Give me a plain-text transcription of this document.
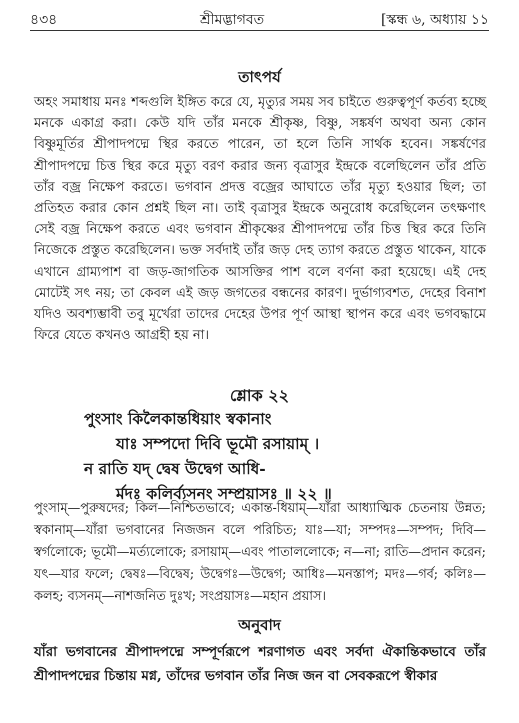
৪৩৪	শ্রীমদ্ভাগবত	[স্কন্ধ ৬, অধ্যায় ১১
তাৎপর্য
অহং সমাধায় মনঃ শব্দগুলি ইঙ্গিত করে যে, মৃত্যুর সময় সব চাইতে গুরুত্বপূর্ণ কর্তব্য হচ্ছে মনকে একাগ্র করা। কেউ যদি তাঁর মনকে শ্রীকৃষ্ণ, বিষ্ণু, সঙ্কর্ষণ অথবা অন্য কোন বিষ্ণুমূর্তির শ্রীপাদপদ্মে স্থির করতে পারেন, তা হলে তিনি সার্থক হবেন। সঙ্কর্ষণের শ্রীপাদপদ্মে চিত্ত স্থির করে মৃত্যু বরণ করার জন্য বৃত্রাসুর ইন্দ্রকে বলেছিলেন তাঁর প্রতি তাঁর বজ্র নিক্ষেপ করতে। ভগবান প্রদত্ত বজ্রের আঘাতে তাঁর মৃত্যু হওয়ার ছিল; তা প্রতিহত করার কোন প্রশ্নই ছিল না। তাই বৃত্রাসুর ইন্দ্রকে অনুরোধ করেছিলেন তৎক্ষণাৎ সেই বজ্র নিক্ষেপ করতে এবং ভগবান শ্রীকৃষ্ণের শ্রীপাদপদ্মে তাঁর চিত্ত স্থির করে তিনি নিজেকে প্রস্তুত করেছিলেন। ভক্ত সর্বদাই তাঁর জড় দেহ ত্যাগ করতে প্রস্তুত থাকেন, যাকে এখানে গ্রাম্যপাশ বা জড়-জাগতিক আসক্তির পাশ বলে বর্ণনা করা হয়েছে। এই দেহ মোটেই সৎ নয়; তা কেবল এই জড় জগতের বন্ধনের কারণ। দুর্ভাগ্যবশত, দেহের বিনাশ যদিও অবশ্যম্ভাবী তবু মূর্খেরা তাদের দেহের উপর পূর্ণ আস্থা স্থাপন করে এবং ভগবদ্ধামে ফিরে যেতে কখনও আগ্রহী হয় না।
শ্লোক ২২
পুংসাং কিলৈকান্তধিয়াং স্বকানাং
যাঃ সম্পদো দিবি ভূমৌ রসায়াম্ ।
ন রাতি যদ্ দ্বেষ উদ্বেগ আধি-
র্মদঃ কলির্ব্যসনং সম্প্রয়াসঃ ॥ ২২ ॥
পুংসাম্—পুরুষদের; কিল—নিশ্চিতভাবে; একান্ত-ধিয়াম্—যাঁরা আধ্যাত্মিক চেতনায় উন্নত; স্বকানাম্—যাঁরা ভগবানের নিজজন বলে পরিচিত; যাঃ—যা; সম্পদঃ—সম্পদ; দিবি—স্বর্গলোকে; ভূমৌ—মর্ত্যলোকে; রসায়াম্—এবং পাতাললোকে; ন—না; রাতি—প্রদান করেন; যৎ—যার ফলে; দ্বেষঃ—বিদ্বেষ; উদ্বেগঃ—উদ্বেগ; আধিঃ—মনস্তাপ; মদঃ—গর্ব; কলিঃ—কলহ; ব্যসনম্—নাশজনিত দুঃখ; সংপ্রয়াসঃ—মহান প্রয়াস।
অনুবাদ
যাঁরা ভগবানের শ্রীপাদপদ্মে সম্পূর্ণরূপে শরণাগত এবং সর্বদা ঐকান্তিকভাবে তাঁর শ্রীপাদপদ্মের চিন্তায় মগ্ন, তাঁদের ভগবান তাঁর নিজ জন বা সেবকরূপে স্বীকার
